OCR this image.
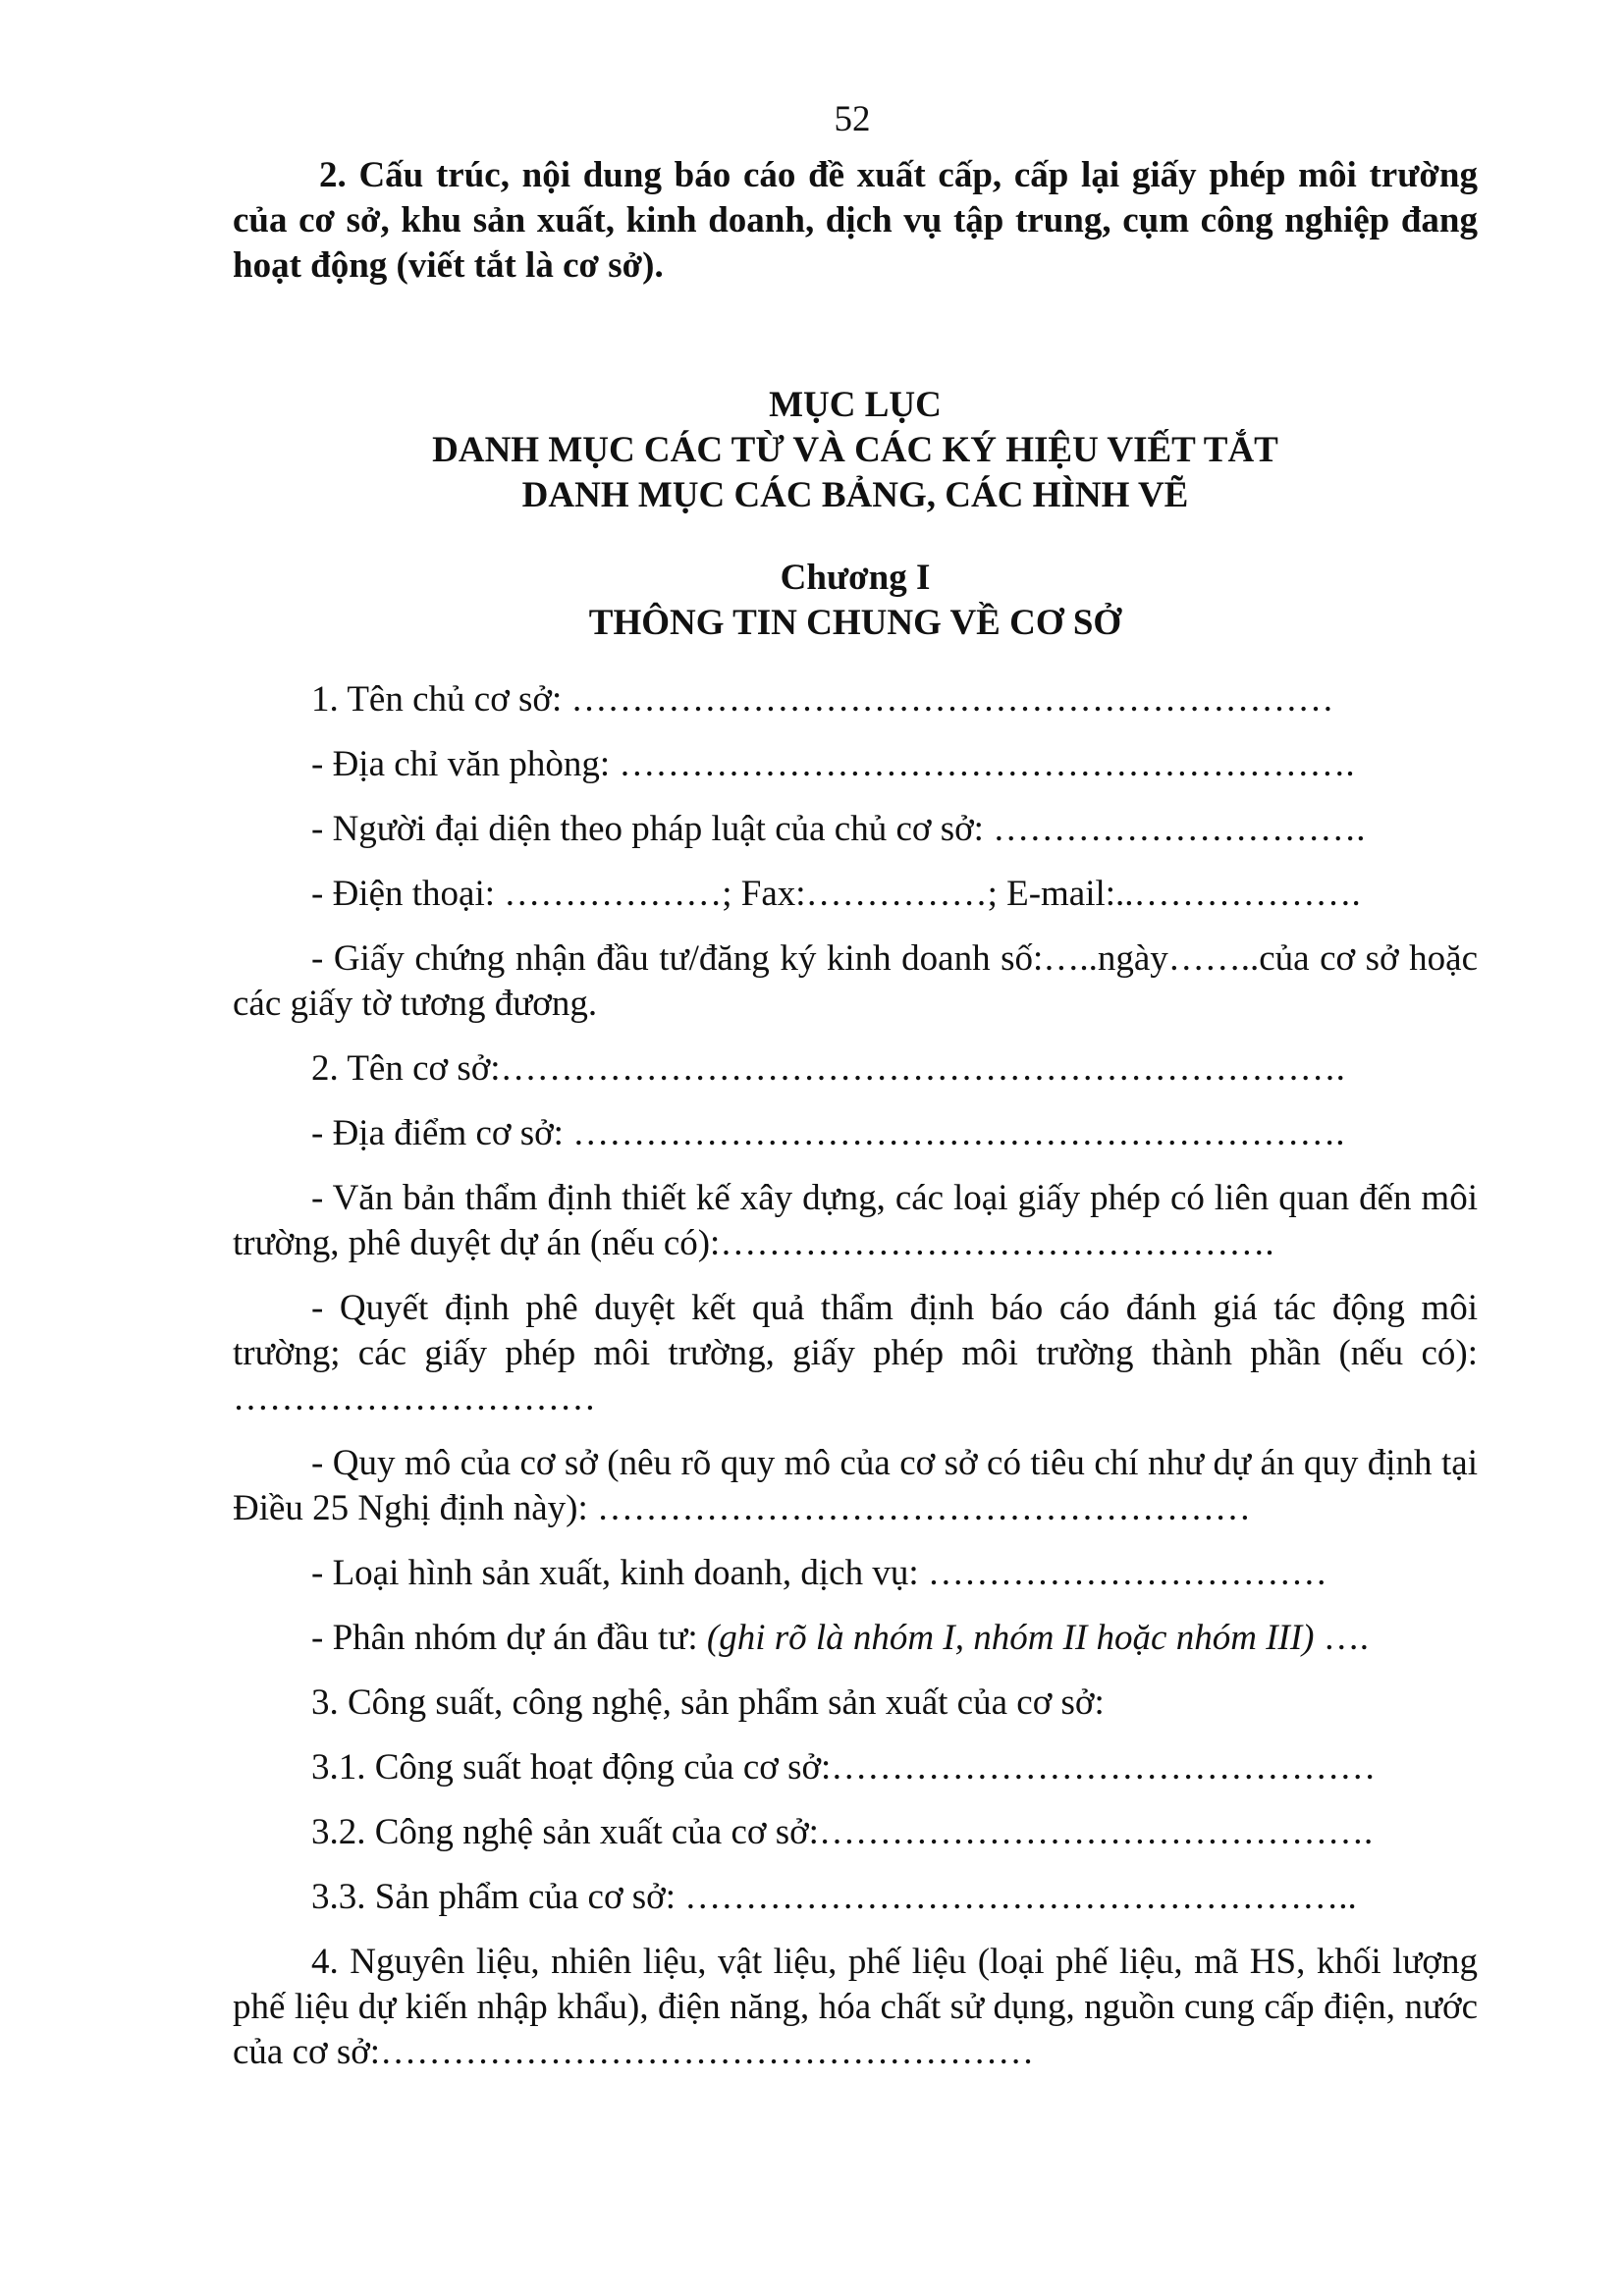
52

2. Cấu trúc, nội dung báo cáo đề xuất cấp, cấp lại giấy phép môi trường của cơ sở, khu sản xuất, kinh doanh, dịch vụ tập trung, cụm công nghiệp đang hoạt động (viết tắt là cơ sở).

MỤC LỤC
DANH MỤC CÁC TỪ VÀ CÁC KÝ HIỆU VIẾT TẮT
DANH MỤC CÁC BẢNG, CÁC HÌNH VẼ
Chương I
THÔNG TIN CHUNG VỀ CƠ SỞ

1. Tên chủ cơ sở: ………………………………………………………

- Địa chỉ văn phòng: …………………………………………………….

- Người đại diện theo pháp luật của chủ cơ sở: ………………………….

- Điện thoại: ………………; Fax:……………; E-mail:..……………….

- Giấy chứng nhận đầu tư/đăng ký kinh doanh số:…..ngày……..của cơ sở hoặc các giấy tờ tương đương.

2. Tên cơ sở:…………………………………………………………….

- Địa điểm cơ sở: ……………………………………………………….

- Văn bản thẩm định thiết kế xây dựng, các loại giấy phép có liên quan đến môi trường, phê duyệt dự án (nếu có):……………………………………….

- Quyết định phê duyệt kết quả thẩm định báo cáo đánh giá tác động môi trường; các giấy phép môi trường, giấy phép môi trường thành phần (nếu có): …………………………

- Quy mô của cơ sở (nêu rõ quy mô của cơ sở có tiêu chí như dự án quy định tại Điều 25 Nghị định này): ………………………………………………

- Loại hình sản xuất, kinh doanh, dịch vụ: ……………………………

- Phân nhóm dự án đầu tư: (ghi rõ là nhóm I, nhóm II hoặc nhóm III) ….

3. Công suất, công nghệ, sản phẩm sản xuất của cơ sở:

3.1. Công suất hoạt động của cơ sở:………………………………………

3.2. Công nghệ sản xuất của cơ sở:……………………………………….

3.3. Sản phẩm của cơ sở: ………………………………………………..

4. Nguyên liệu, nhiên liệu, vật liệu, phế liệu (loại phế liệu, mã HS, khối lượng phế liệu dự kiến nhập khẩu), điện năng, hóa chất sử dụng, nguồn cung cấp điện, nước của cơ sở:………………………………………………
